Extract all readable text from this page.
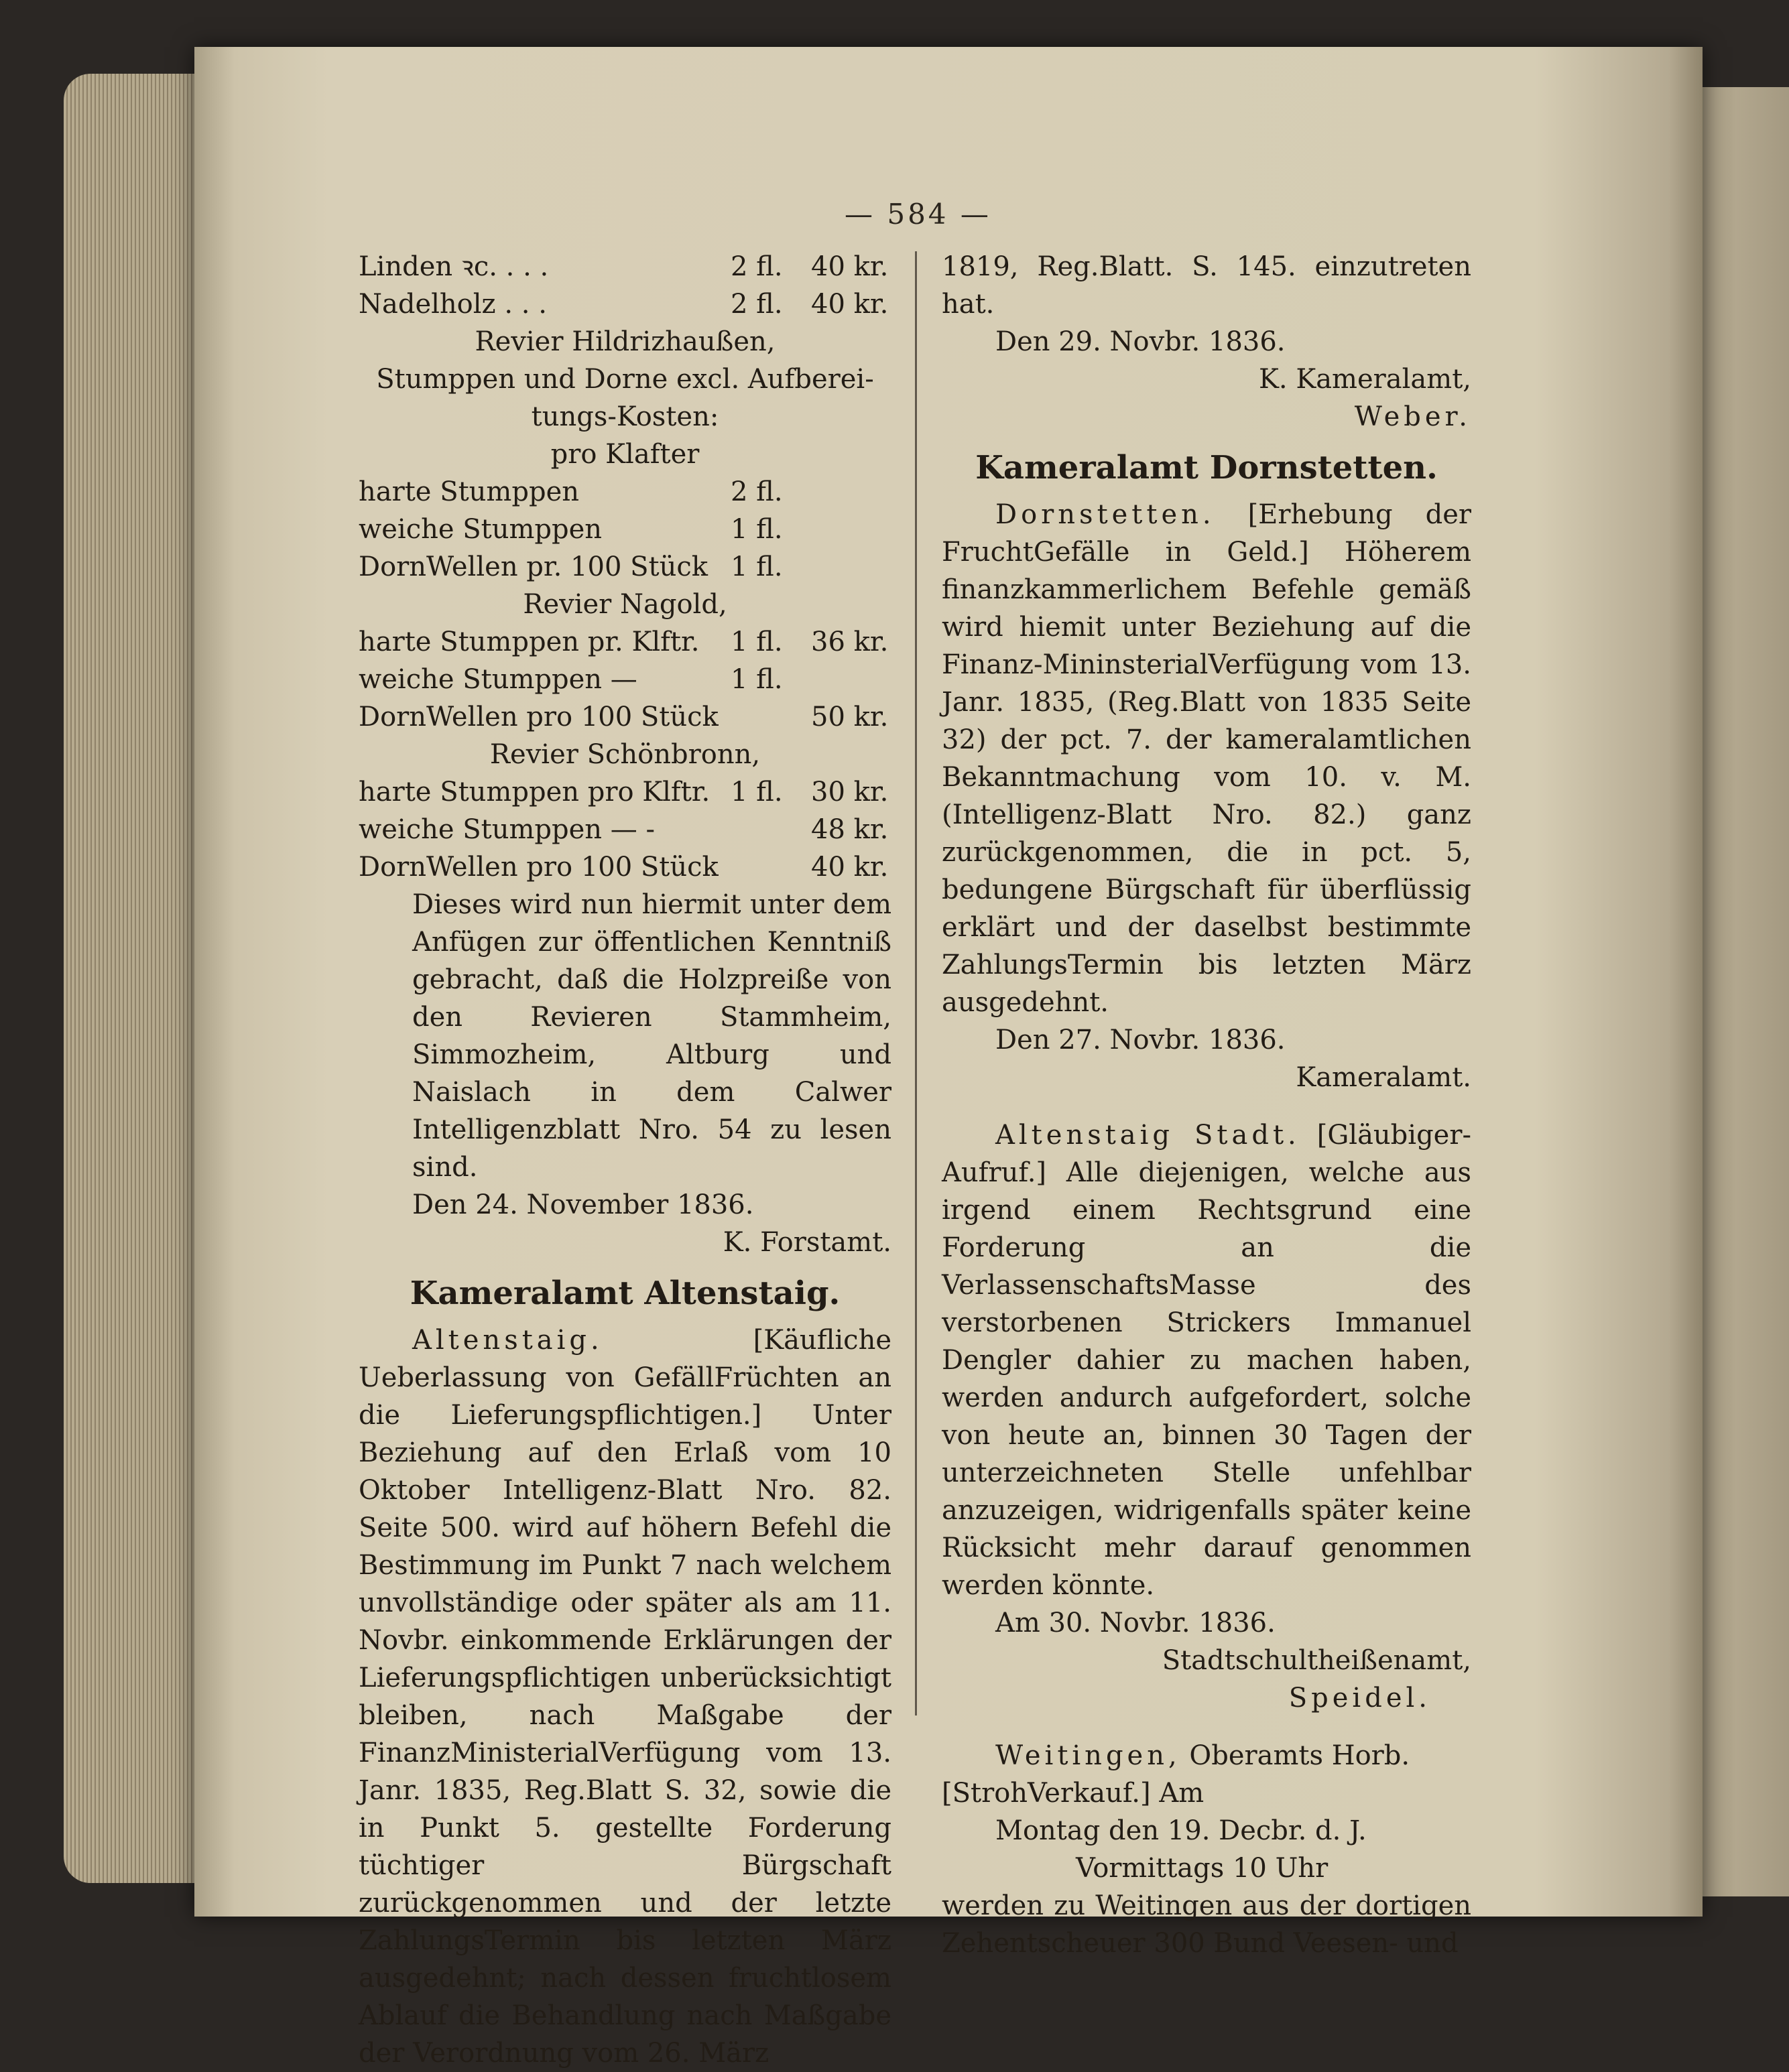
— 584 —
Linden ꝛc. . . .	2 fl.	40 kr.
Nadelholz . . .	2 fl.	40 kr.

Revier Hildrizhaußen,

Stumppen und Dorne excl. Aufberei-

tungs-Kosten:

pro Klafter

harte Stumppen	2 fl.
weiche Stumppen	1 fl.
DornWellen pr. 100 Stück 1 fl.

Revier Nagold,

harte Stumppen pr. Klftr.	1 fl.	36 kr.
weiche Stumppen —	1 fl.
DornWellen pro 100 Stück	50 kr.

Revier Schönbronn,

harte Stumppen pro Klftr. 1 fl.	30 kr.
weiche Stumppen — -	48 kr.
DornWellen pro 100 Stück	40 kr.

Dieses wird nun hiermit unter dem Anfügen zur öffentlichen Kenntniß gebracht, daß die Holzpreiße von den Revieren Stammheim, Simmozheim, Altburg und Naislach in dem Calwer Intelligenzblatt Nro. 54 zu lesen sind.

Den 24. November 1836.

K. Forstamt.

Kameralamt Altenstaig.

Altenstaig.	[Käufliche Ueberlassung von GefällFrüchten an die Lieferungspflichtigen.] Unter Beziehung auf den Erlaß vom 10 Oktober Intelligenz-Blatt Nro. 82. Seite 500. wird auf höhern Befehl die Bestimmung im Punkt 7 nach welchem unvollständige oder später als am 11. Novbr. einkommende Erklärungen der Lieferungspflichtigen unberücksichtigt bleiben, nach Maßgabe der FinanzMinisterialVerfügung vom 13. Janr. 1835, Reg.Blatt S. 32, sowie die in Punkt 5. gestellte Forderung tüchtiger Bürgschaft zurückgenommen und der letzte ZahlungsTermin bis letzten März ausgedehnt; nach dessen fruchtlosem Ablauf die Behandlung nach Maßgabe der Verordnung vom 26. März

1819, Reg.Blatt. S. 145. einzutreten hat.

Den 29. Novbr. 1836.

K. Kameralamt,

Weber.

Kameralamt Dornstetten.

Dornstetten. [Erhebung der FruchtGefälle in Geld.] Höherem finanzkammerlichem Befehle gemäß wird hiemit unter Beziehung auf die Finanz-MininsterialVerfügung vom 13. Janr. 1835, (Reg.Blatt von 1835 Seite 32) der pct. 7. der kameralamtlichen Bekanntmachung vom 10. v. M. (Intelligenz-Blatt Nro. 82.) ganz zurückgenommen, die in pct. 5, bedungene Bürgschaft für überflüssig erklärt und der daselbst bestimmte ZahlungsTermin bis letzten März ausgedehnt.

Den 27. Novbr. 1836.

Kameralamt.

Altenstaig Stadt. [Gläubiger-Aufruf.] Alle diejenigen, welche aus irgend einem Rechtsgrund eine Forderung an die VerlassenschaftsMasse des verstorbenen Strickers Immanuel Dengler dahier zu machen haben, werden andurch aufgefordert, solche von heute an, binnen 30 Tagen der unterzeichneten Stelle unfehlbar anzuzeigen, widrigenfalls später keine Rücksicht mehr darauf genommen werden könnte.

Am 30. Novbr. 1836.

Stadtschultheißenamt,

Speidel.

Weitingen, Oberamts Horb.

[StrohVerkauf.] Am

Montag den 19. Decbr. d. J.

Vormittags 10 Uhr

werden zu Weitingen aus der dortigen Zehentscheuer 300 Bund Veesen- und
